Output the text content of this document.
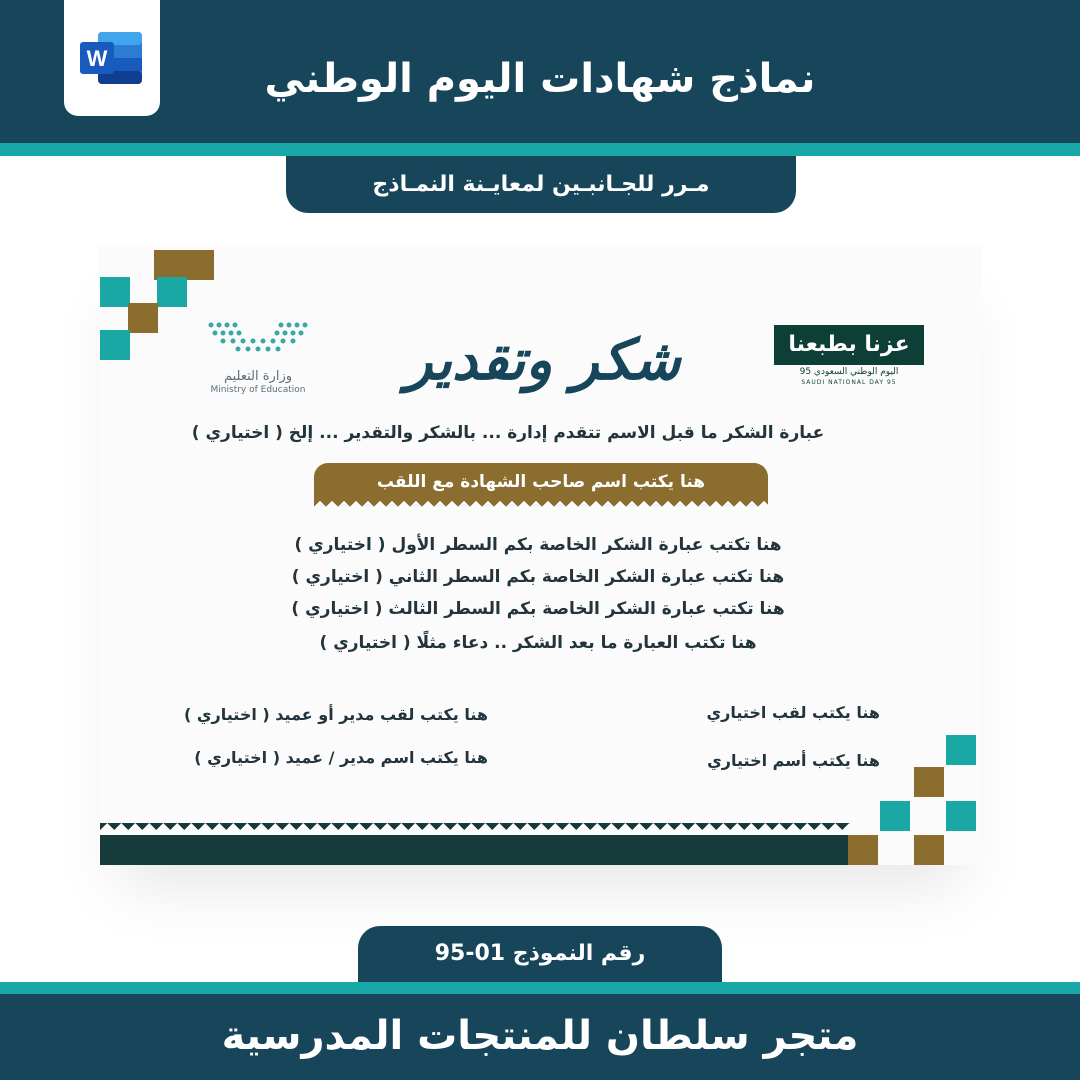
W	نماذج شهادات اليوم الوطني
مـرر للجـانبـين لمعايـنة النمـاذج
وزارة التعليم
Ministry of Education	شكر وتقدير	عزنا بطبعنا
اليوم الوطني السعودي 95
SAUDI NATIONAL DAY 95
عبارة الشكر ما قبل الاسم تتقدم إدارة ... بالشكر والتقدير ... إلخ ( اختياري )
هنا يكتب اسم صاحب الشهادة مع اللقب
هنا تكتب عبارة الشكر الخاصة بكم السطر الأول ( اختياري )
هنا تكتب عبارة الشكر الخاصة بكم السطر الثاني ( اختياري )
هنا تكتب عبارة الشكر الخاصة بكم السطر الثالث ( اختياري )
هنا تكتب العبارة ما بعد الشكر .. دعاء مثلًا ( اختياري )
هنا يكتب لقب اختياري
هنا يكتب أسم اختياري
هنا يكتب لقب مدير أو عميد ( اختياري )
هنا يكتب اسم مدير / عميد ( اختياري )
رقم النموذج 01-95
متجر سلطان للمنتجات المدرسية
